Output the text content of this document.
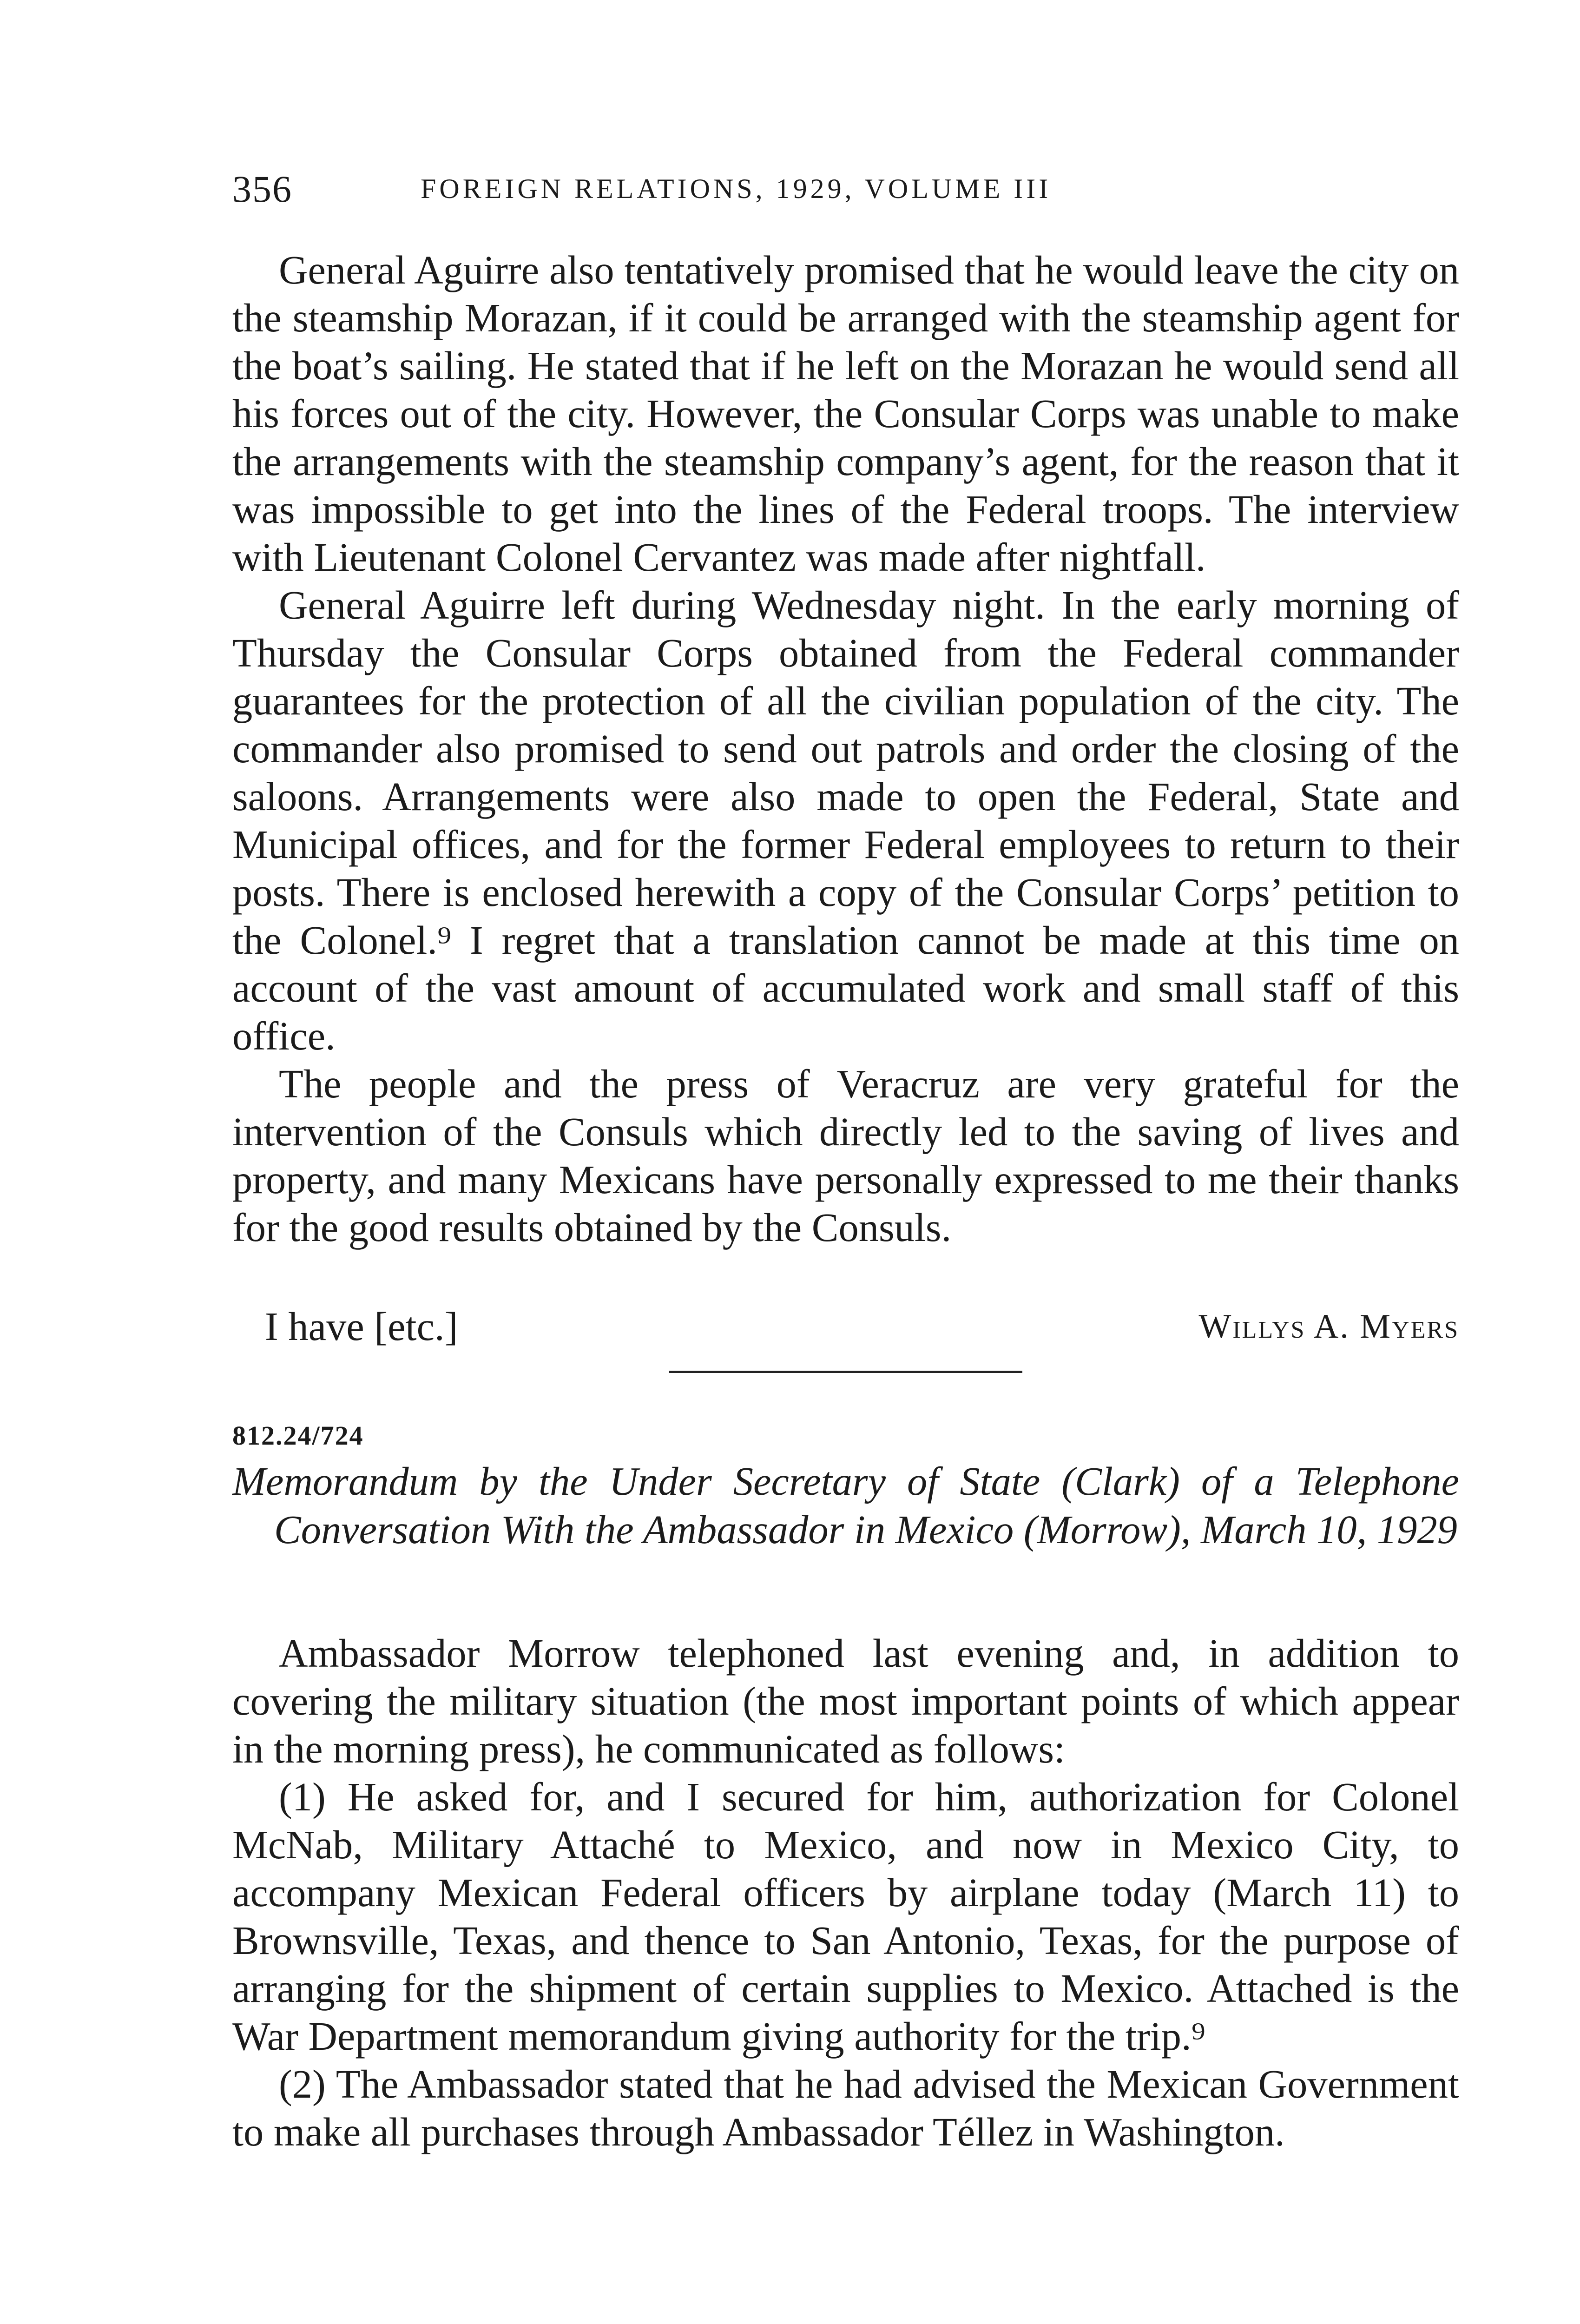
356	FOREIGN RELATIONS, 1929, VOLUME III

General Aguirre also tentatively promised that he would leave the city on the steamship Morazan, if it could be arranged with the steamship agent for the boat’s sailing. He stated that if he left on the Morazan he would send all his forces out of the city. However, the Consular Corps was unable to make the arrangements with the steamship company’s agent, for the reason that it was impossible to get into the lines of the Federal troops. The interview with Lieutenant Colonel Cervantez was made after nightfall.

General Aguirre left during Wednesday night. In the early morning of Thursday the Consular Corps obtained from the Federal commander guarantees for the protection of all the civilian population of the city. The commander also promised to send out patrols and order the closing of the saloons. Arrangements were also made to open the Federal, State and Municipal offices, and for the former Federal employees to return to their posts. There is enclosed herewith a copy of the Consular Corps’ petition to the Colonel.⁹ I regret that a translation cannot be made at this time on account of the vast amount of accumulated work and small staff of this office.

The people and the press of Veracruz are very grateful for the intervention of the Consuls which directly led to the saving of lives and property, and many Mexicans have personally expressed to me their thanks for the good results obtained by the Consuls.

I have [etc.]	Willys A. Myers
812.24/724
Memorandum by the Under Secretary of State (Clark) of a Telephone Conversation With the Ambassador in Mexico (Morrow), March 10, 1929

Ambassador Morrow telephoned last evening and, in addition to covering the military situation (the most important points of which appear in the morning press), he communicated as follows:

(1) He asked for, and I secured for him, authorization for Colonel McNab, Military Attaché to Mexico, and now in Mexico City, to accompany Mexican Federal officers by airplane today (March 11) to Brownsville, Texas, and thence to San Antonio, Texas, for the purpose of arranging for the shipment of certain supplies to Mexico. Attached is the War Department memorandum giving authority for the trip.⁹

(2) The Ambassador stated that he had advised the Mexican Government to make all purchases through Ambassador Téllez in Washington.
